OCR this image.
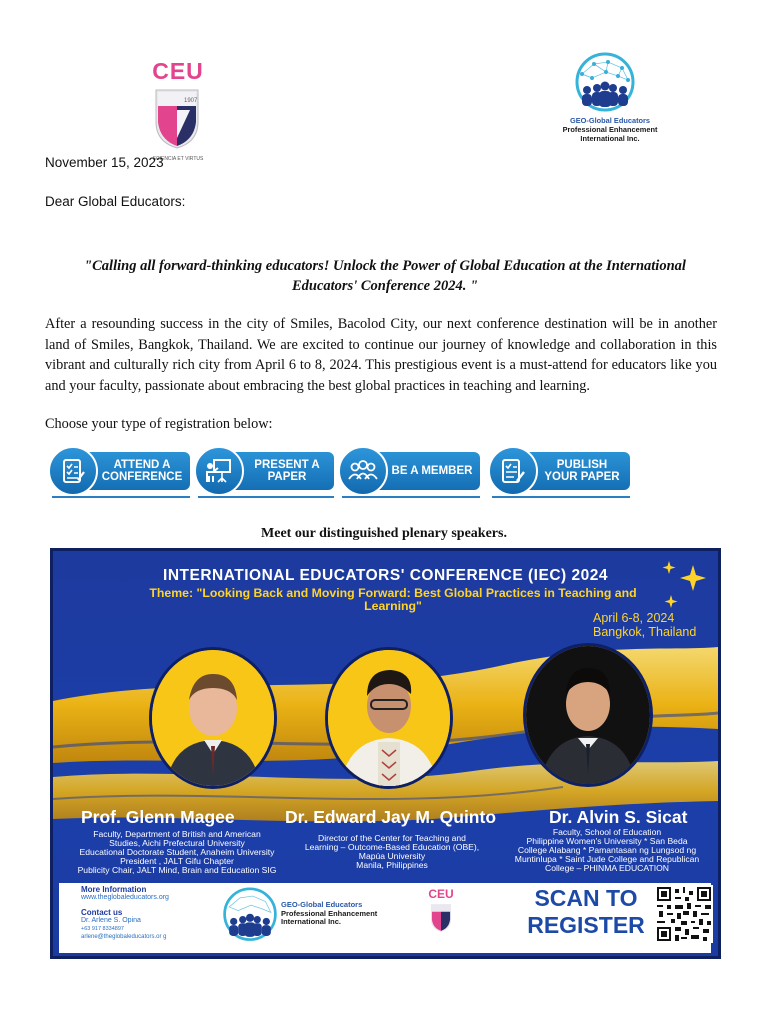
CEU
1907
SCIENCIA ET VIRTUS
GEO-Global Educators
Professional Enhancement
International Inc.
November 15, 2023
Dear Global Educators:
"Calling all forward-thinking educators! Unlock the Power of Global Education at the International Educators' Conference 2024. "
After a resounding success in the city of Smiles, Bacolod City, our next conference destination will be in another land of Smiles, Bangkok, Thailand. We are excited to continue our journey of knowledge and collaboration in this vibrant and culturally rich city from April 6 to 8, 2024. This prestigious event is a must-attend for educators like you and your faculty, passionate about embracing the best global practices in teaching and learning.
Choose your type of registration below:
ATTEND A
CONFERENCE
PRESENT A
PAPER	BE A MEMBER	PUBLISH
YOUR PAPER
Meet our distinguished plenary speakers.
INTERNATIONAL EDUCATORS' CONFERENCE (IEC) 2024
Theme: "Looking Back and Moving Forward: Best Global Practices in Teaching and Learning"
April 6-8, 2024
Bangkok, Thailand
Prof. Glenn Magee
Faculty, Department of British and American
Studies, Aichi Prefectural University
Educational Doctorate Student, Anaheim University
President , JALT Gifu Chapter
Publicity Chair, JALT Mind, Brain and Education SIG
Dr. Edward Jay M. Quinto
Director of the Center for Teaching and
Learning – Outcome-Based Education (OBE),
Mapúa University
Manila, Philippines
Dr. Alvin S. Sicat
Faculty, School of Education
Philippine Women's University * San Beda
College Alabang * Pamantasan ng Lungsod ng
Muntinlupa * Saint Jude College and Republican
College – PHINMA EDUCATION
More Information
www.theglobaleducators.org
Contact us
Dr. Arlene S. Opina
+63 917 8334897
arlene@theglobaleducators.or g
GEO-Global Educators
Professional Enhancement
International Inc.
CEU	SCAN TO
REGISTER
